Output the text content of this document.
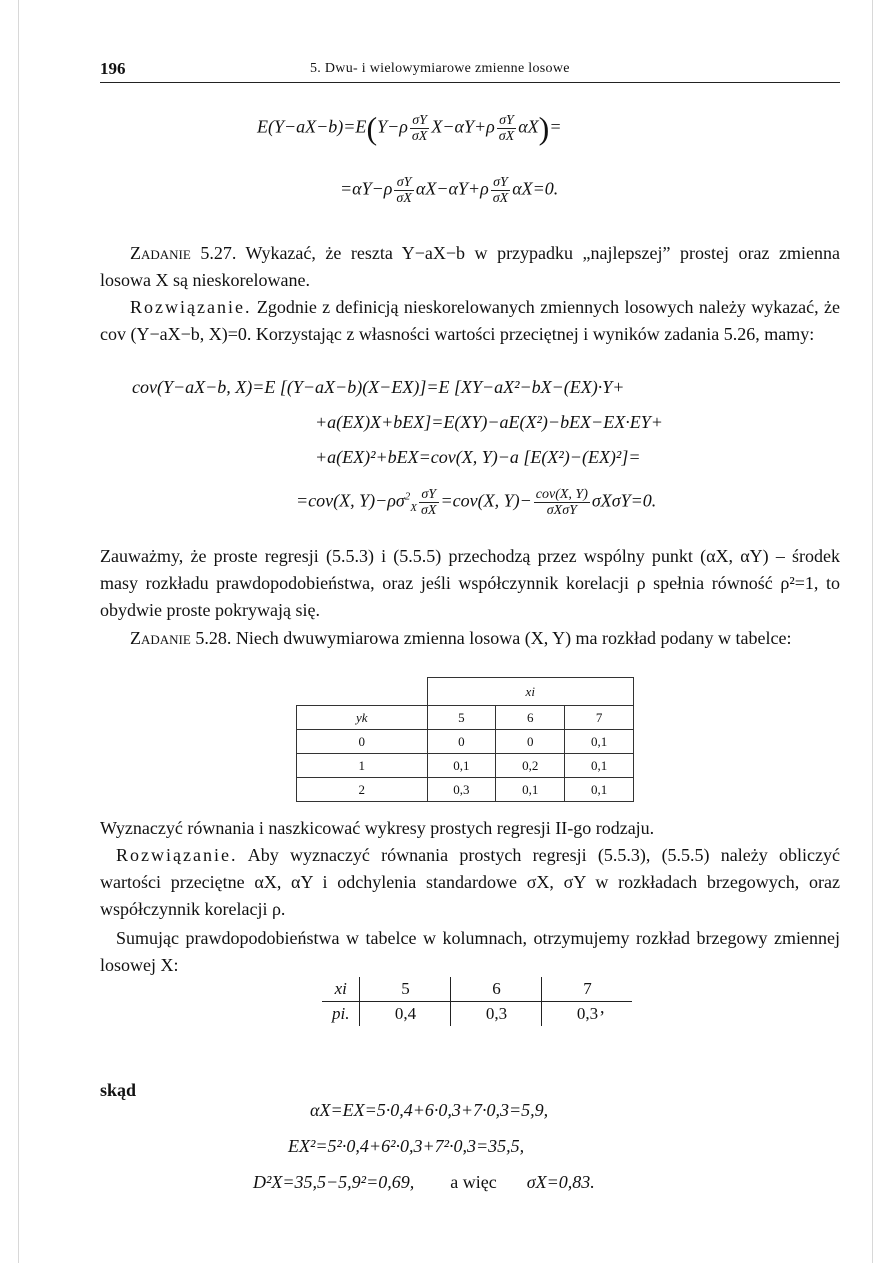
196	5. Dwu- i wielowymiarowe zmienne losowe
$E(Y-aX-b)=E(Y-\rho \frac{\sigma Y}{\sigma X} X-\alpha Y+\rho \frac{\sigma Y}{\sigma X} \alpha X)=$
$=\alpha Y-\rho \frac{\sigma Y}{\sigma X} \alpha X-\alpha Y+\rho \frac{\sigma Y}{\sigma X} \alpha X=0$.
Zadanie 5.27. Wykazać, że reszta Y−aX−b w przypadku „najlepszej” prostej oraz zmienna losowa X są nieskorelowane.
Rozwiązanie. Zgodnie z definicją nieskorelowanych zmiennych losowych należy wykazać, że cov (Y−aX−b, X)=0. Korzystając z własności wartości przeciętnej i wyników zadania 5.26, mamy:
cov(Y−aX−b, X)=E [(Y−aX−b)(X−EX)]=E [XY−aX²−bX−(EX)·Y+
+a(EX)X+bEX]=E(XY)−aE(X²)−bEX−EX·EY+
+a(EX)²+bEX=cov(X, Y)−a [E(X²)−(EX)²]=
=cov(X, $Y)-\rho\sigma^2_X \frac{\sigma Y}{\sigma X} =cov(X$, $Y)- \frac{\text{cov(X, Y)}}{\text{σXσY}} \sigma X\sigma Y=0$.
Zauważmy, że proste regresji (5.5.3) i (5.5.5) przechodzą przez wspólny punkt (αX, αY) – środek masy rozkładu prawdopodobieństwa, oraz jeśli współczynnik korelacji ρ spełnia równość ρ²=1, to obydwie proste pokrywają się.
Zadanie 5.28. Niech dwuwymiarowa zmienna losowa (X, Y) ma rozkład podany w tabelce:
	xi		
yk	5	6	7
0	0	0	0,1
1	0,1	0,2	0,1
2	0,3	0,1	0,1
Wyznaczyć równania i naszkicować wykresy prostych regresji II-go rodzaju.
Rozwiązanie. Aby wyznaczyć równania prostych regresji (5.5.3), (5.5.5) należy obliczyć wartości przeciętne αX, αY i odchylenia standardowe σX, σY w rozkładach brzegowych, oraz współczynnik korelacji ρ.
Sumując prawdopodobieństwa w tabelce w kolumnach, otrzymujemy rozkład brzegowy zmiennej losowej X:
xi	5	6	7
pi.	0,4	0,3	0,3 ,
skąd
αX=EX=5·0,4+6·0,3+7·0,3=5,9,
EX²=5²·0,4+6²·0,3+7²·0,3=35,5,
D²X=35,5−5,9²=0,69, a więc σX=0,83.
